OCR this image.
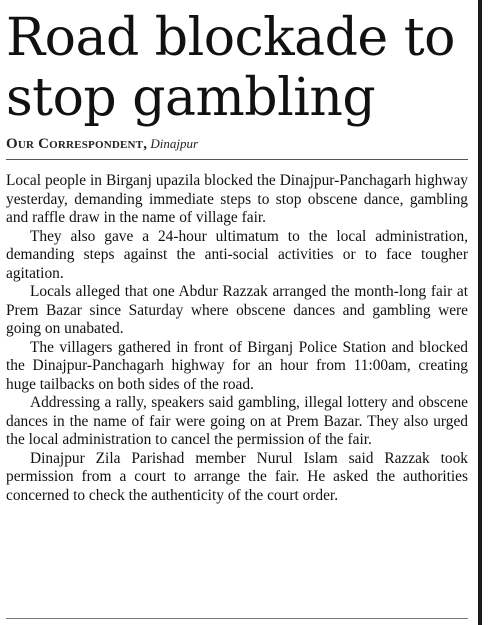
Road blockade to stop gambling
Our Correspondent, Dinajpur

Local people in Birganj upazila blocked the Dinajpur-Panchagarh highway yesterday, demanding immediate steps to stop obscene dance, gambling and raffle draw in the name of village fair.

They also gave a 24-hour ultimatum to the local administration, demanding steps against the anti-social activities or to face tougher agitation.

Locals alleged that one Abdur Razzak arranged the month-long fair at Prem Bazar since Saturday where obscene dances and gambling were going on unabated.

The villagers gathered in front of Birganj Police Station and blocked the Dinajpur-Panchagarh highway for an hour from 11:00am, creating huge tailbacks on both sides of the road.

Addressing a rally, speakers said gambling, illegal lottery and obscene dances in the name of fair were going on at Prem Bazar. They also urged the local administration to cancel the permission of the fair.

Dinajpur Zila Parishad member Nurul Islam said Razzak took permission from a court to arrange the fair. He asked the authorities concerned to check the authenticity of the court order.
